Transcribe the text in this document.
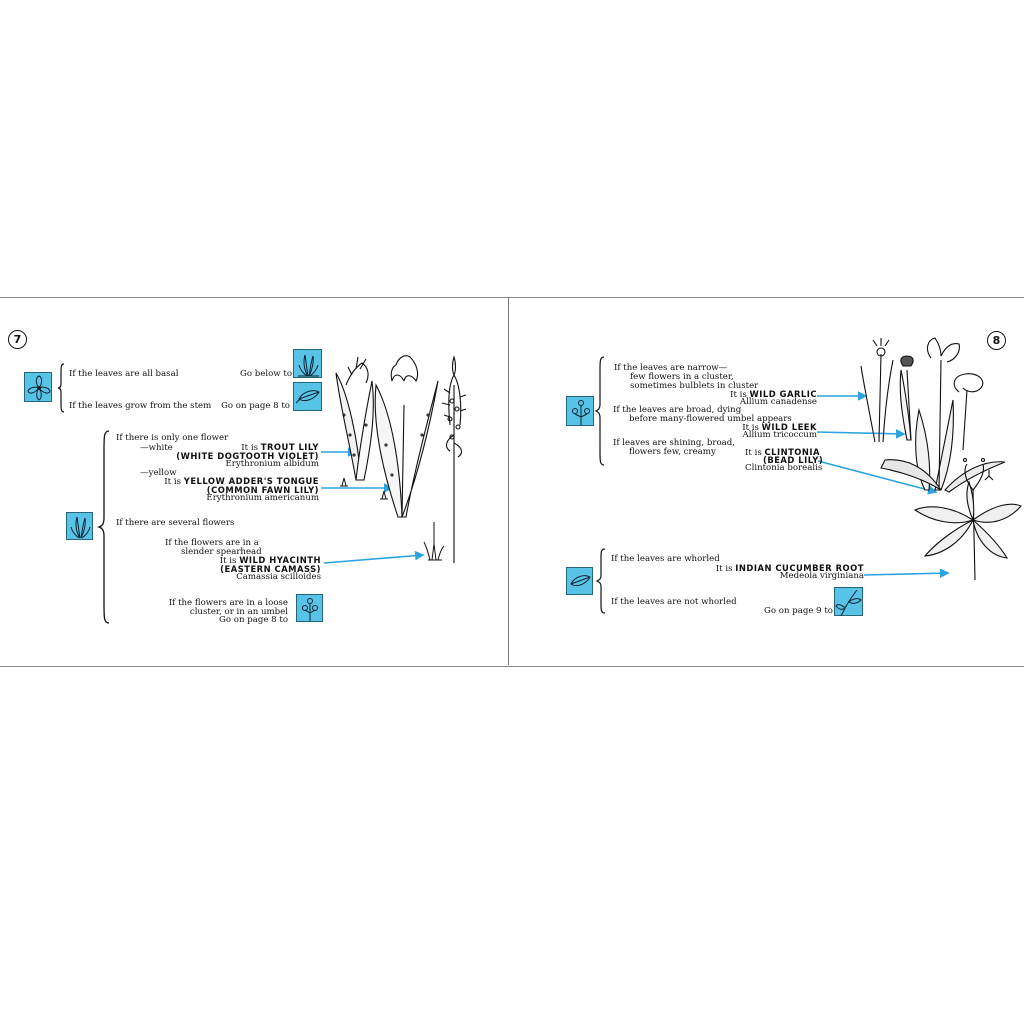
7
If the leaves are all basal	Go below to
If the leaves grow from the stem Go on page 8 to
If there is only one flower
—white	It is TROUT LILY
(WHITE DOGTOOTH VIOLET)
Erythronium albidum
—yellow
It is YELLOW ADDER'S TONGUE
(COMMON FAWN LILY)
Erythronium americanum
If there are several flowers
If the flowers are in a
slender spearhead
It is WILD HYACINTH
(EASTERN CAMASS)
Camassia scilloides
If the flowers are in a loose
cluster, or in an umbel
Go on page 8 to
8
If the leaves are narrow—
few flowers in a cluster,
sometimes bulblets in cluster
It is WILD GARLIC
Allium canadense
If the leaves are broad, dying
before many-flowered umbel appears
It is WILD LEEK
Allium tricoccum
If leaves are shining, broad,
flowers few, creamy	It is CLINTONIA
(BEAD LILY)
Clintonia borealis
If the leaves are whorled
It is INDIAN CUCUMBER ROOT
Medeola virginiana
If the leaves are not whorled
Go on page 9 to
